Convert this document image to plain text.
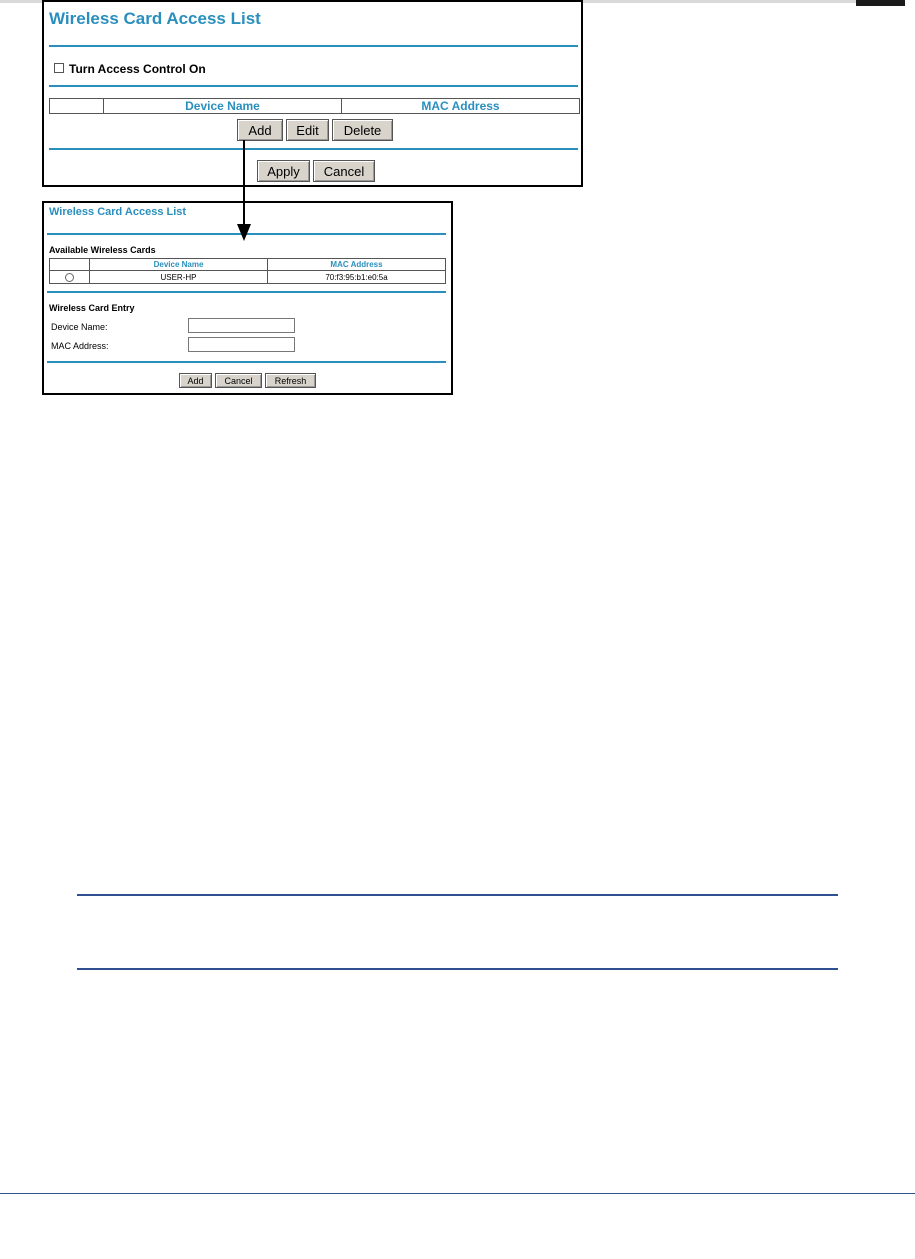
Wireless Card Access List
Turn Access Control On
	Device Name	MAC Address
Add	Edit	Delete
Apply	Cancel
Wireless Card Access List
Available Wireless Cards
	Device Name	MAC Address
	USER-HP	70:f3:95:b1:e0:5a
Wireless Card Entry
Device Name:
MAC Address:
Add	Cancel	Refresh
